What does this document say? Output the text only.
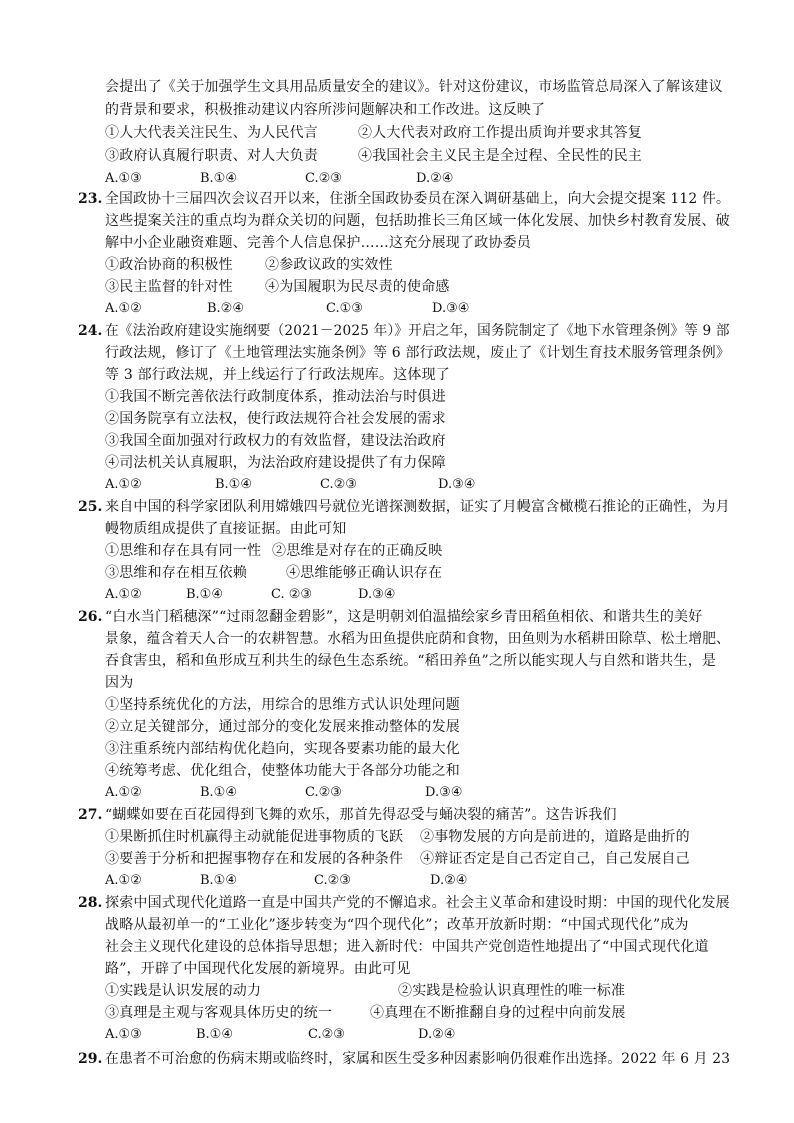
会提出了《关于加强学生文具用品质量安全的建议》。针对这份建议，市场监管总局深入了解该建议
的背景和要求，积极推动建议内容所涉问题解决和工作改进。这反映了
①人大代表关注民生、为人民代言	②人大代表对政府工作提出质询并要求其答复
③政府认真履行职责、对人大负责	④我国社会主义民主是全过程、全民性的民主
A.①③	B.①④	C.②③	D.②④
23. 全国政协十三届四次会议召开以来，住浙全国政协委员在深入调研基础上，向大会提交提案 112 件。
这些提案关注的重点均为群众关切的问题，包括助推长三角区域一体化发展、加快乡村教育发展、破
解中小企业融资难题、完善个人信息保护……这充分展现了政协委员
①政治协商的积极性 ②参政议政的实效性
③民主监督的针对性 ④为国履职为民尽责的使命感
A.①②	B.②④	C.①③	D.③④
24. 在《法治政府建设实施纲要（2021－2025 年）》开启之年，国务院制定了《地下水管理条例》等 9 部
行政法规，修订了《土地管理法实施条例》等 6 部行政法规，废止了《计划生育技术服务管理条例》
等 3 部行政法规，并上线运行了行政法规库。这体现了
①我国不断完善依法行政制度体系，推动法治与时俱进
②国务院享有立法权，使行政法规符合社会发展的需求
③我国全面加强对行政权力的有效监督，建设法治政府
④司法机关认真履职，为法治政府建设提供了有力保障
A.①②	B.①④	C.②③	D.③④
25. 来自中国的科学家团队利用嫦娥四号就位光谱探测数据，证实了月幔富含橄榄石推论的正确性，为月
幔物质组成提供了直接证据。由此可知
①思维和存在具有同一性 ②思维是对存在的正确反映
③思维和存在相互依赖	④思维能够正确认识存在
A.①②	B.①④	C. ②③	D.③④
26. “白水当门稻穗深”“过雨忽翻金碧影”，这是明朝刘伯温描绘家乡青田稻鱼相依、和谐共生的美好
景象，蕴含着天人合一的农耕智慧。水稻为田鱼提供庇荫和食物，田鱼则为水稻耕田除草、松土增肥、
吞食害虫，稻和鱼形成互利共生的绿色生态系统。“稻田养鱼”之所以能实现人与自然和谐共生，是
因为
①坚持系统优化的方法，用综合的思维方式认识处理问题
②立足关键部分，通过部分的变化发展来推动整体的发展
③注重系统内部结构优化趋向，实现各要素功能的最大化
④统筹考虑、优化组合，使整体功能大于各部分功能之和
A.①②	B.①④	C.②③	D.③④
27. “蝴蝶如要在百花园得到飞舞的欢乐，那首先得忍受与蛹决裂的痛苦”。这告诉我们
①果断抓住时机赢得主动就能促进事物质的飞跃 ②事物发展的方向是前进的，道路是曲折的
③要善于分析和把握事物存在和发展的各种条件 ④辩证否定是自己否定自己，自己发展自己
A.①②	B.①④	C.②③	D.②④
28. 探索中国式现代化道路一直是中国共产党的不懈追求。社会主义革命和建设时期：中国的现代化发展
战略从最初单一的“工业化”逐步转变为“四个现代化”；改革开放新时期：“中国式现代化”成为
社会主义现代化建设的总体指导思想；进入新时代：中国共产党创造性地提出了“中国式现代化道
路”，开辟了中国现代化发展的新境界。由此可见
①实践是认识发展的动力	②实践是检验认识真理性的唯一标准
③真理是主观与客观具体历史的统一	④真理在不断推翻自身的过程中向前发展
A.①③	B.①④	C.②③	D.②④
29. 在患者不可治愈的伤病末期或临终时，家属和医生受多种因素影响仍很难作出选择。2022 年 6 月 23
